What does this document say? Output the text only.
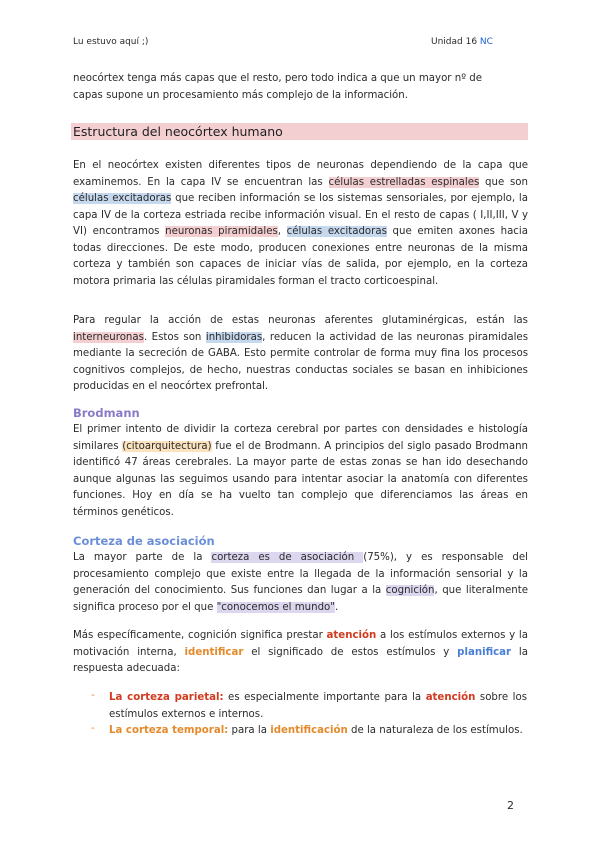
Lu estuvo aquí ;)	Unidad 16 NC
neocórtex tenga más capas que el resto, pero todo indica a que un mayor nº de
capas supone un procesamiento más complejo de la información.
Estructura del neocórtex humano
En el neocórtex existen diferentes tipos de neuronas dependiendo de la capa que examinemos. En la capa IV se encuentran las células estrelladas espinales que son células excitadoras que reciben información se los sistemas sensoriales, por ejemplo, la capa IV de la corteza estriada recibe información visual. En el resto de capas ( I,II,III, V y VI) encontramos neuronas piramidales, células excitadoras que emiten axones hacia todas direcciones. De este modo, producen conexiones entre neuronas de la misma corteza y también son capaces de iniciar vías de salida, por ejemplo, en la corteza motora primaria las células piramidales forman el tracto corticoespinal.
Para regular la acción de estas neuronas aferentes glutaminérgicas, están las interneuronas. Estos son inhibidoras, reducen la actividad de las neuronas piramidales mediante la secreción de GABA. Esto permite controlar de forma muy fina los procesos cognitivos complejos, de hecho, nuestras conductas sociales se basan en inhibiciones producidas en el neocórtex prefrontal.
Brodmann
El primer intento de dividir la corteza cerebral por partes con densidades e histología similares (citoarquitectura) fue el de Brodmann. A principios del siglo pasado Brodmann identificó 47 áreas cerebrales. La mayor parte de estas zonas se han ido desechando aunque algunas las seguimos usando para intentar asociar la anatomía con diferentes funciones. Hoy en día se ha vuelto tan complejo que diferenciamos las áreas en términos genéticos.
Corteza de asociación
La mayor parte de la corteza es de asociación (75%), y es responsable del procesamiento complejo que existe entre la llegada de la información sensorial y la generación del conocimiento. Sus funciones dan lugar a la cognición, que literalmente significa proceso por el que "conocemos el mundo".
Más específicamente, cognición significa prestar atención a los estímulos externos y la motivación interna, identificar el significado de estos estímulos y planificar la respuesta adecuada:
- La corteza parietal: es especialmente importante para la atención sobre los estímulos externos e internos.
- La corteza temporal: para la identificación de la naturaleza de los estímulos.
2
